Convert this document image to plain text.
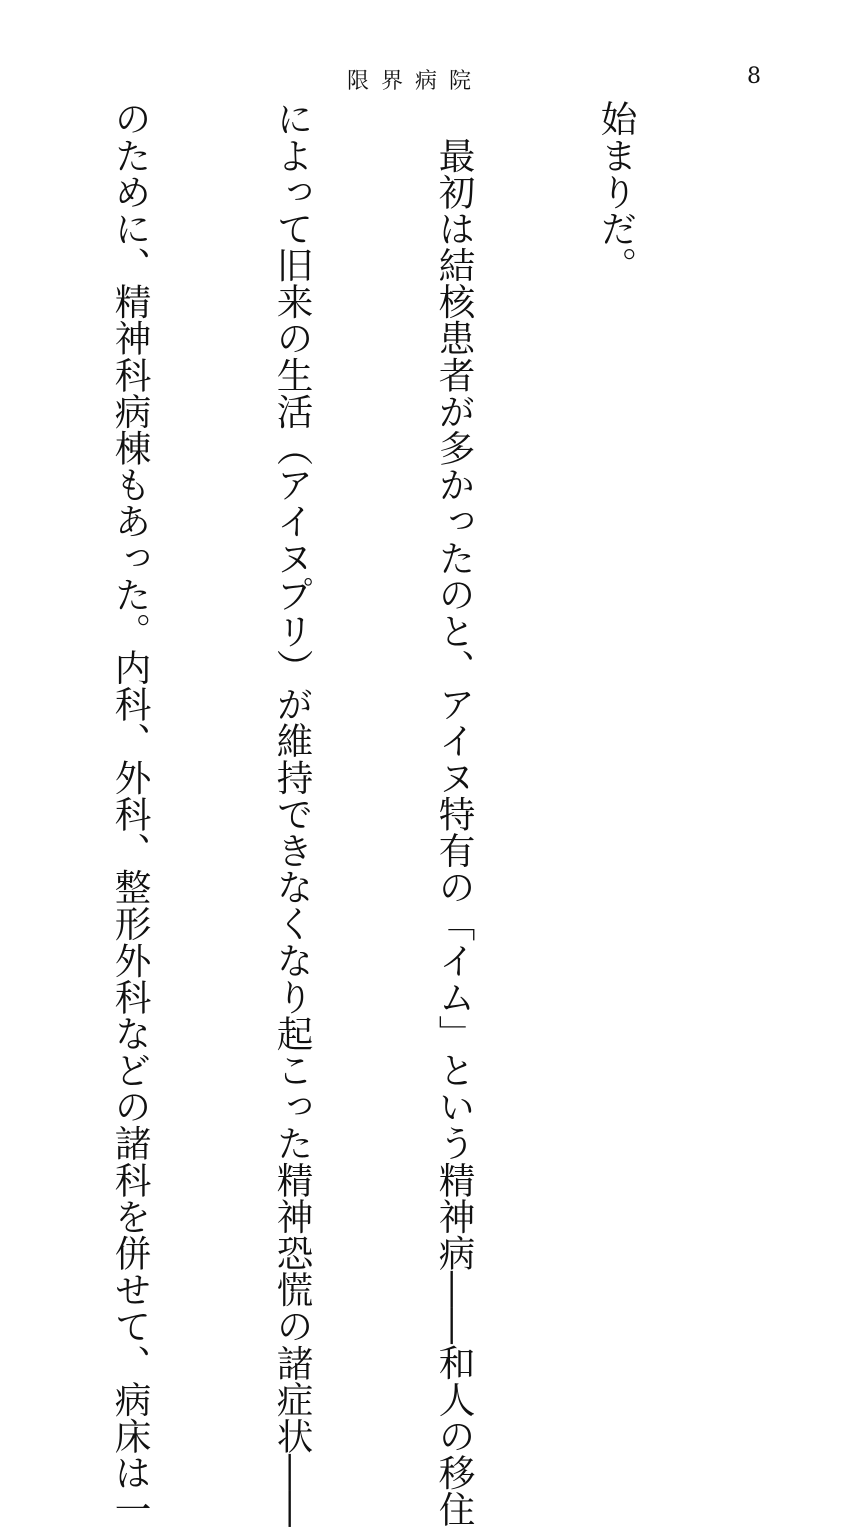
限界病院	8

始まりだ。

　最初は結核患者が多かったのと、アイヌ特有の「イム」という精神病――和人の移住

によって旧来の生活（アイヌプリ）が維持できなくなり起こった精神恐慌の諸症状――

のために、精神科病棟もあった。内科、外科、整形外科などの諸科を併せて、病床は一
